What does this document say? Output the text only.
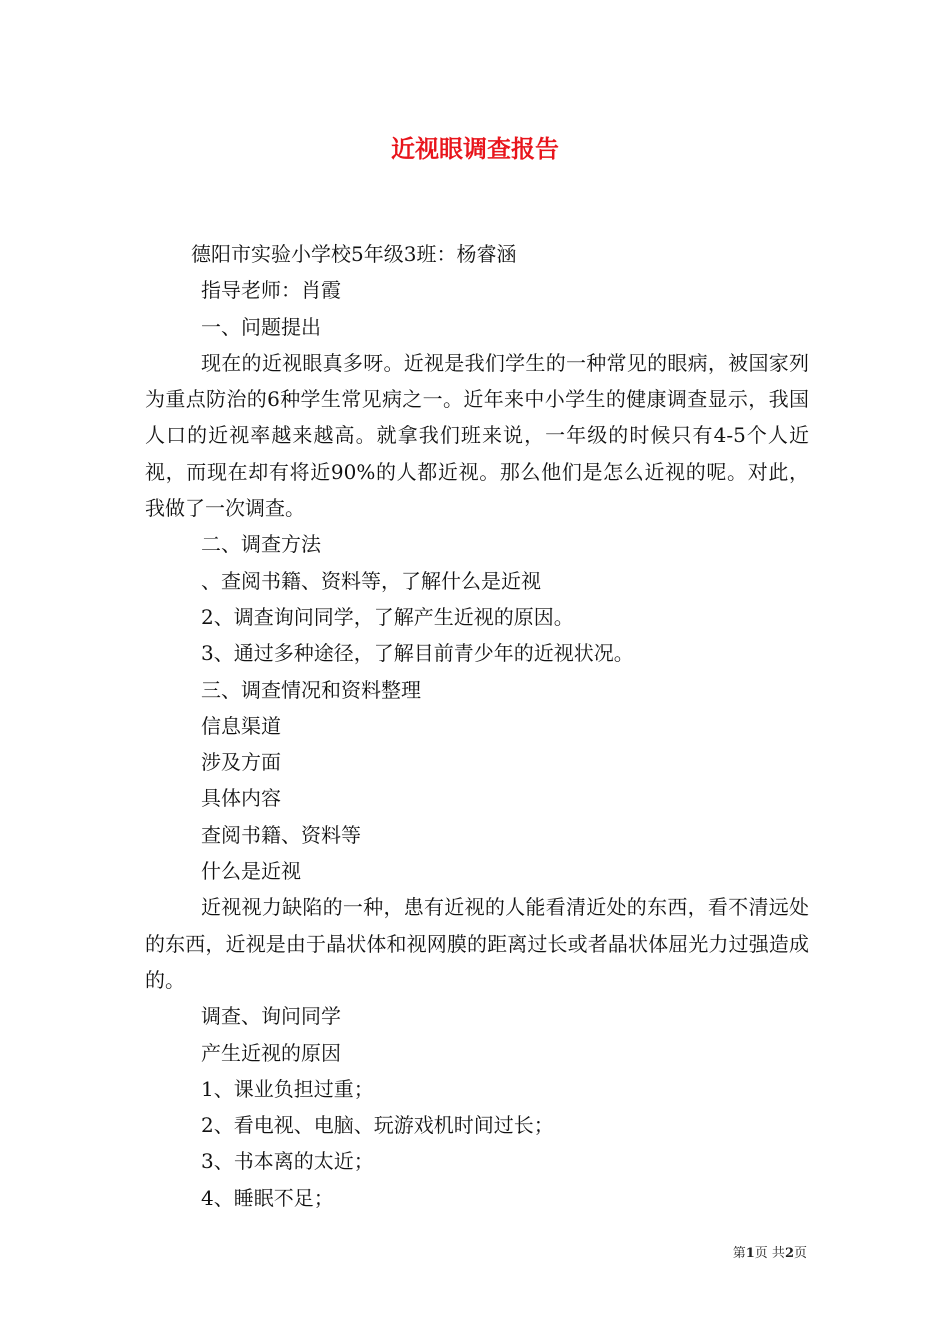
近视眼调查报告

德阳市实验小学校5年级3班：杨睿涵

指导老师：肖霞

一、问题提出

现在的近视眼真多呀。近视是我们学生的一种常见的眼病，被国家列为重点防治的6种学生常见病之一。近年来中小学生的健康调查显示，我国人口的近视率越来越高。就拿我们班来说，一年级的时候只有4-5个人近视，而现在却有将近90%的人都近视。那么他们是怎么近视的呢。对此，我做了一次调查。

二、调查方法

、查阅书籍、资料等，了解什么是近视

2、调查询问同学，了解产生近视的原因。

3、通过多种途径，了解目前青少年的近视状况。

三、调查情况和资料整理

信息渠道

涉及方面

具体内容

查阅书籍、资料等

什么是近视

近视视力缺陷的一种，患有近视的人能看清近处的东西，看不清远处的东西，近视是由于晶状体和视网膜的距离过长或者晶状体屈光力过强造成的。

调查、询问同学

产生近视的原因

1、课业负担过重；

2、看电视、电脑、玩游戏机时间过长；

3、书本离的太近；

4、睡眠不足；

第1页 共2页
